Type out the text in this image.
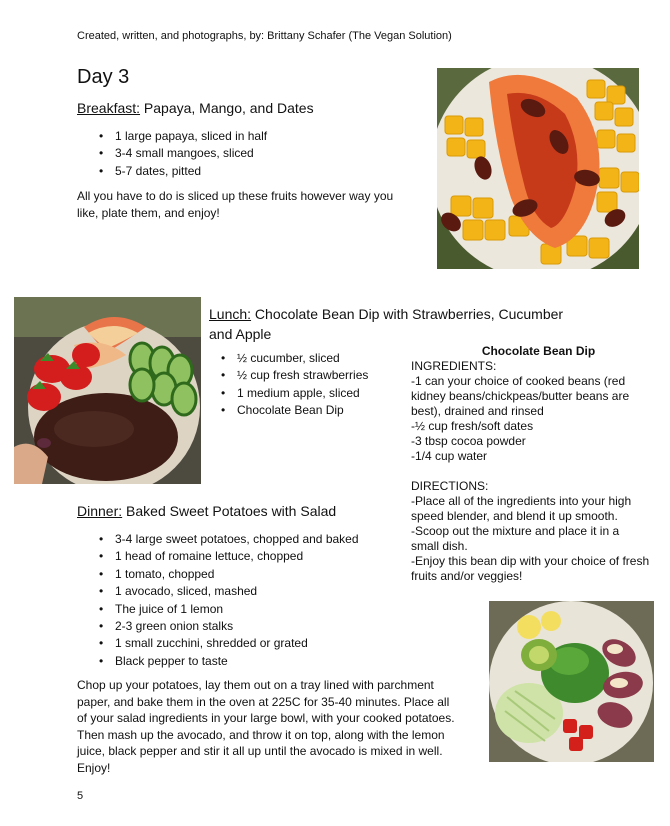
Created, written, and photographs, by: Brittany Schafer (The Vegan Solution)
Day 3
Breakfast: Papaya, Mango, and Dates
• 1 large papaya, sliced in half
• 3-4 small mangoes, sliced
• 5-7 dates, pitted
All you have to do is sliced up these fruits however way you
like, plate them, and enjoy!
Lunch: Chocolate Bean Dip with Strawberries, Cucumber
and Apple
• ½ cucumber, sliced
• ½ cup fresh strawberries
• 1 medium apple, sliced
• Chocolate Bean Dip
Chocolate Bean Dip
INGREDIENTS:
-1 can your choice of cooked beans (red
kidney beans/chickpeas/butter beans are
best), drained and rinsed
-½ cup fresh/soft dates
-3 tbsp cocoa powder
-1/4 cup water
DIRECTIONS:
-Place all of the ingredients into your high
speed blender, and blend it up smooth.
-Scoop out the mixture and place it in a
small dish.
-Enjoy this bean dip with your choice of fresh
fruits and/or veggies!
Dinner: Baked Sweet Potatoes with Salad
• 3-4 large sweet potatoes, chopped and baked
• 1 head of romaine lettuce, chopped
• 1 tomato, chopped
• 1 avocado, sliced, mashed
• The juice of 1 lemon
• 2-3 green onion stalks
• 1 small zucchini, shredded or grated
• Black pepper to taste
Chop up your potatoes, lay them out on a tray lined with parchment
paper, and bake them in the oven at 225C for 35-40 minutes. Place all
of your salad ingredients in your large bowl, with your cooked potatoes.
Then mash up the avocado, and throw it on top, along with the lemon
juice, black pepper and stir it all up until the avocado is mixed in well.
Enjoy!
5
